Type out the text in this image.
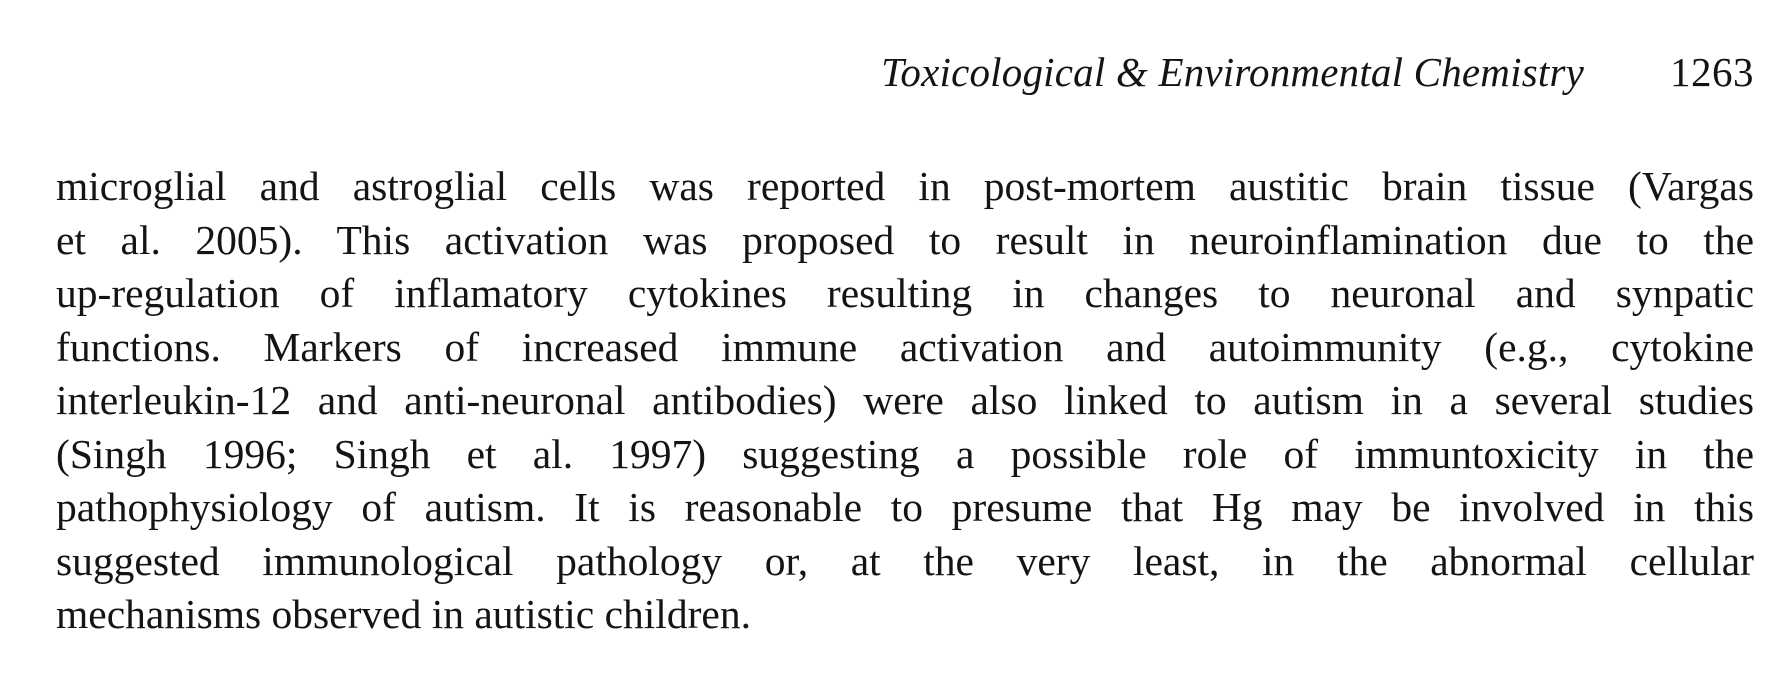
Toxicological & Environmental Chemistry 1263
microglial and astroglial cells was reported in post-mortem austitic brain tissue (Vargas
et al. 2005). This activation was proposed to result in neuroinflamination due to the
up-regulation of inflamatory cytokines resulting in changes to neuronal and synpatic
functions. Markers of increased immune activation and autoimmunity (e.g., cytokine
interleukin-12 and anti-neuronal antibodies) were also linked to autism in a several studies
(Singh 1996; Singh et al. 1997) suggesting a possible role of immuntoxicity in the
pathophysiology of autism. It is reasonable to presume that Hg may be involved in this
suggested immunological pathology or, at the very least, in the abnormal cellular
mechanisms observed in autistic children.
